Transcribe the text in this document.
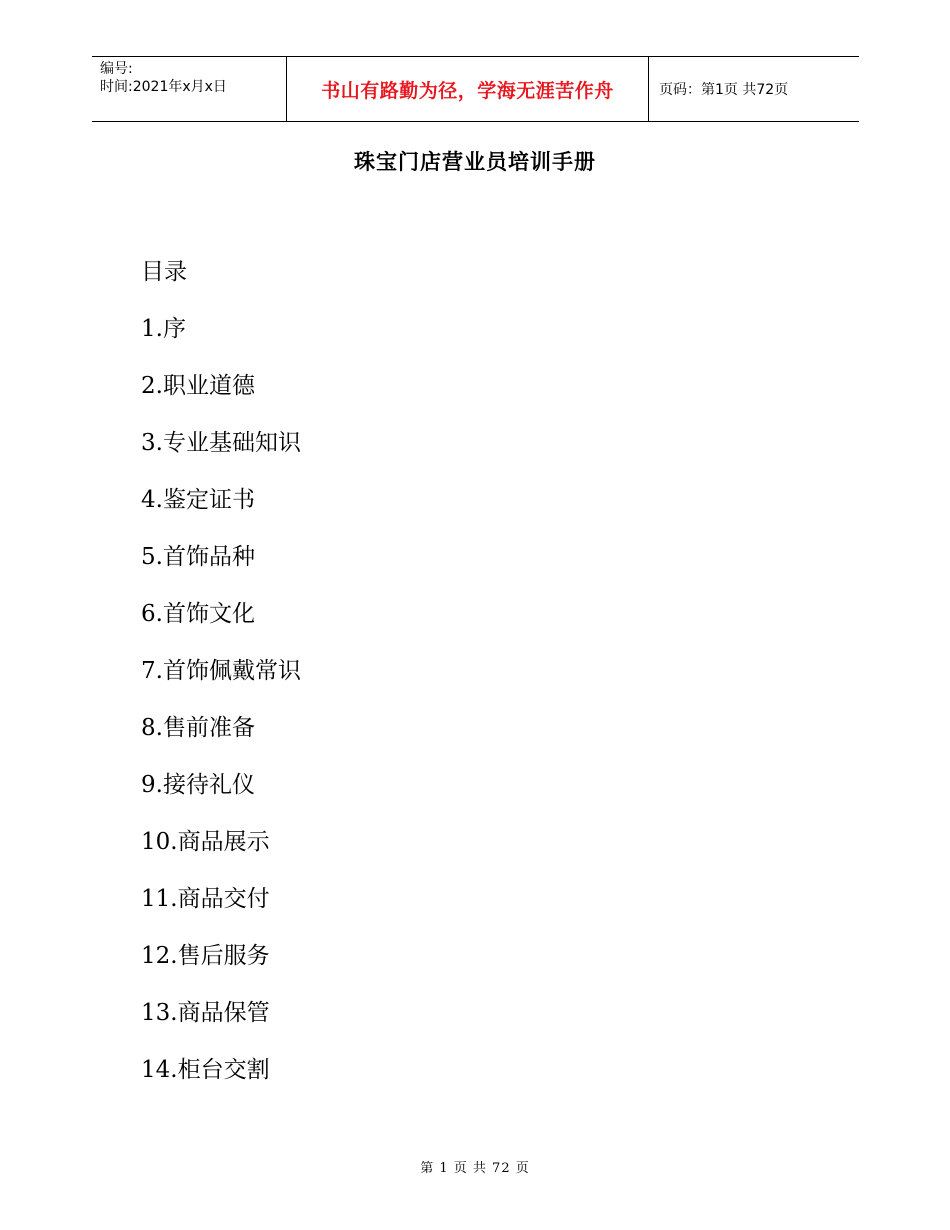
编号:
时间:2021年x月x日	书山有路勤为径，学海无涯苦作舟	页码：第1页 共72页
珠宝门店营业员培训手册
目录
1.序
2.职业道德
3.专业基础知识
4.鉴定证书
5.首饰品种
6.首饰文化
7.首饰佩戴常识
8.售前准备
9.接待礼仪
10.商品展示
11.商品交付
12.售后服务
13.商品保管
14.柜台交割
第 1 页 共 72 页
